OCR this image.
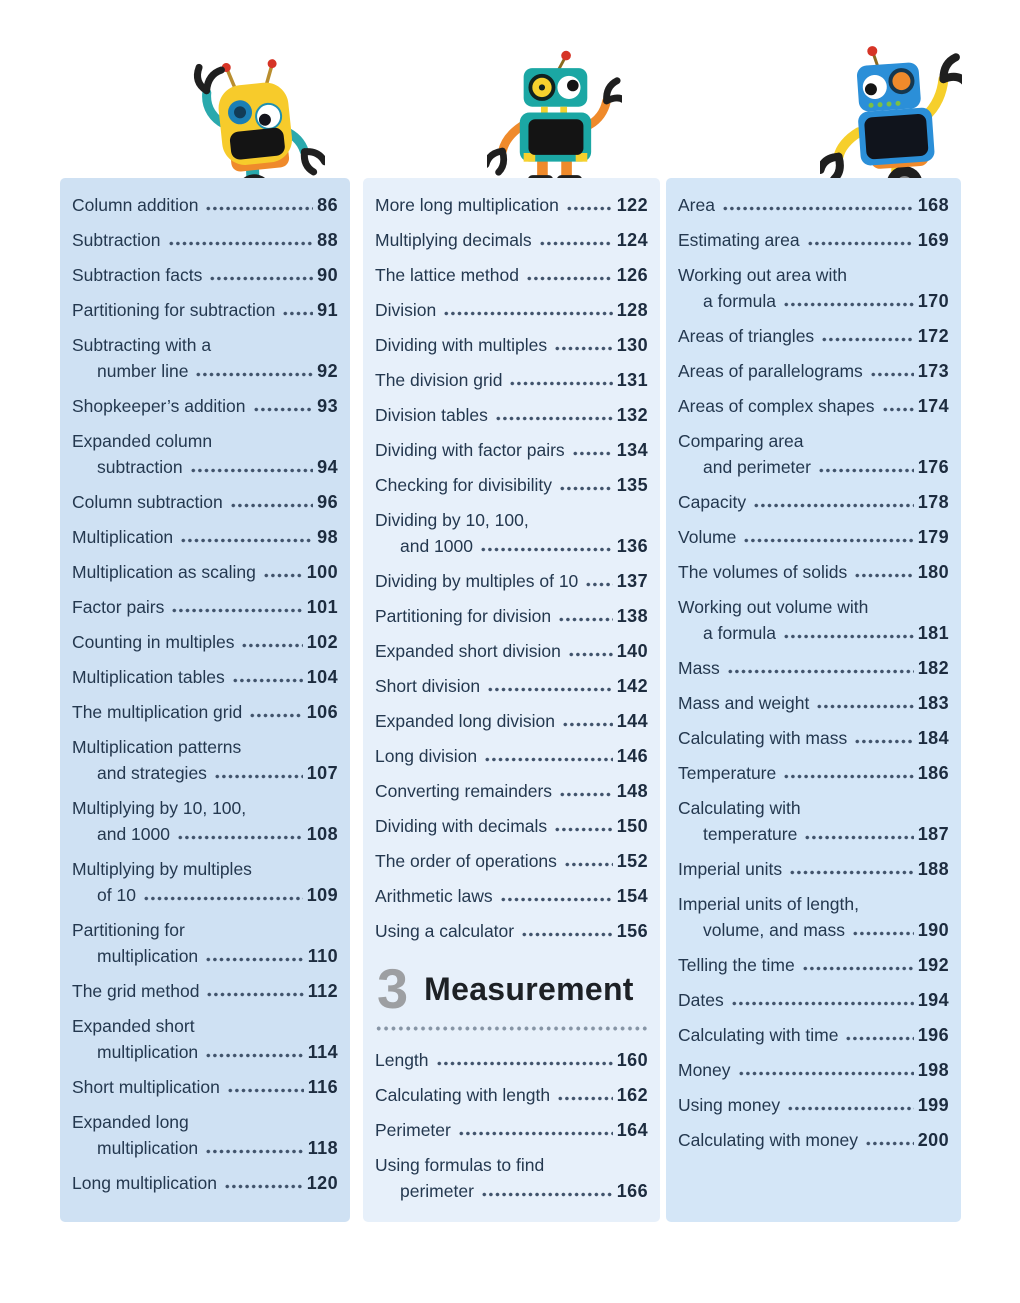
Column addition	86
Subtraction	88
Subtraction facts	90
Partitioning for subtraction 91
Subtracting with a
number line	92
Shopkeeper’s addition	93
Expanded column
subtraction	94
Column subtraction	96
Multiplication	98
Multiplication as scaling	100
Factor pairs	101
Counting in multiples	102
Multiplication tables	104
The multiplication grid	106
Multiplication patterns
and strategies	107
Multiplying by 10, 100,
and 1000	108
Multiplying by multiples
of 10	109
Partitioning for
multiplication	110
The grid method	112
Expanded short
multiplication	114
Short multiplication	116
Expanded long
multiplication	118
Long multiplication	120
More long multiplication	122
Multiplying decimals	124
The lattice method	126
Division	128
Dividing with multiples	130
The division grid	131
Division tables	132
Dividing with factor pairs	134
Checking for divisibility	135
Dividing by 10, 100,
and 1000	136
Dividing by multiples of 10 137
Partitioning for division	138
Expanded short division	140
Short division	142
Expanded long division	144
Long division	146
Converting remainders	148
Dividing with decimals	150
The order of operations	152
Arithmetic laws	154
Using a calculator	156
3 Measurement
Length	160
Calculating with length	162
Perimeter	164
Using formulas to find
perimeter	166
Area	168
Estimating area	169
Working out area with
a formula	170
Areas of triangles	172
Areas of parallelograms	173
Areas of complex shapes 174
Comparing area
and perimeter	176
Capacity	178
Volume	179
The volumes of solids	180
Working out volume with
a formula	181
Mass	182
Mass and weight	183
Calculating with mass	184
Temperature	186
Calculating with
temperature	187
Imperial units	188
Imperial units of length,
volume, and mass	190
Telling the time	192
Dates	194
Calculating with time	196
Money	198
Using money	199
Calculating with money	200
